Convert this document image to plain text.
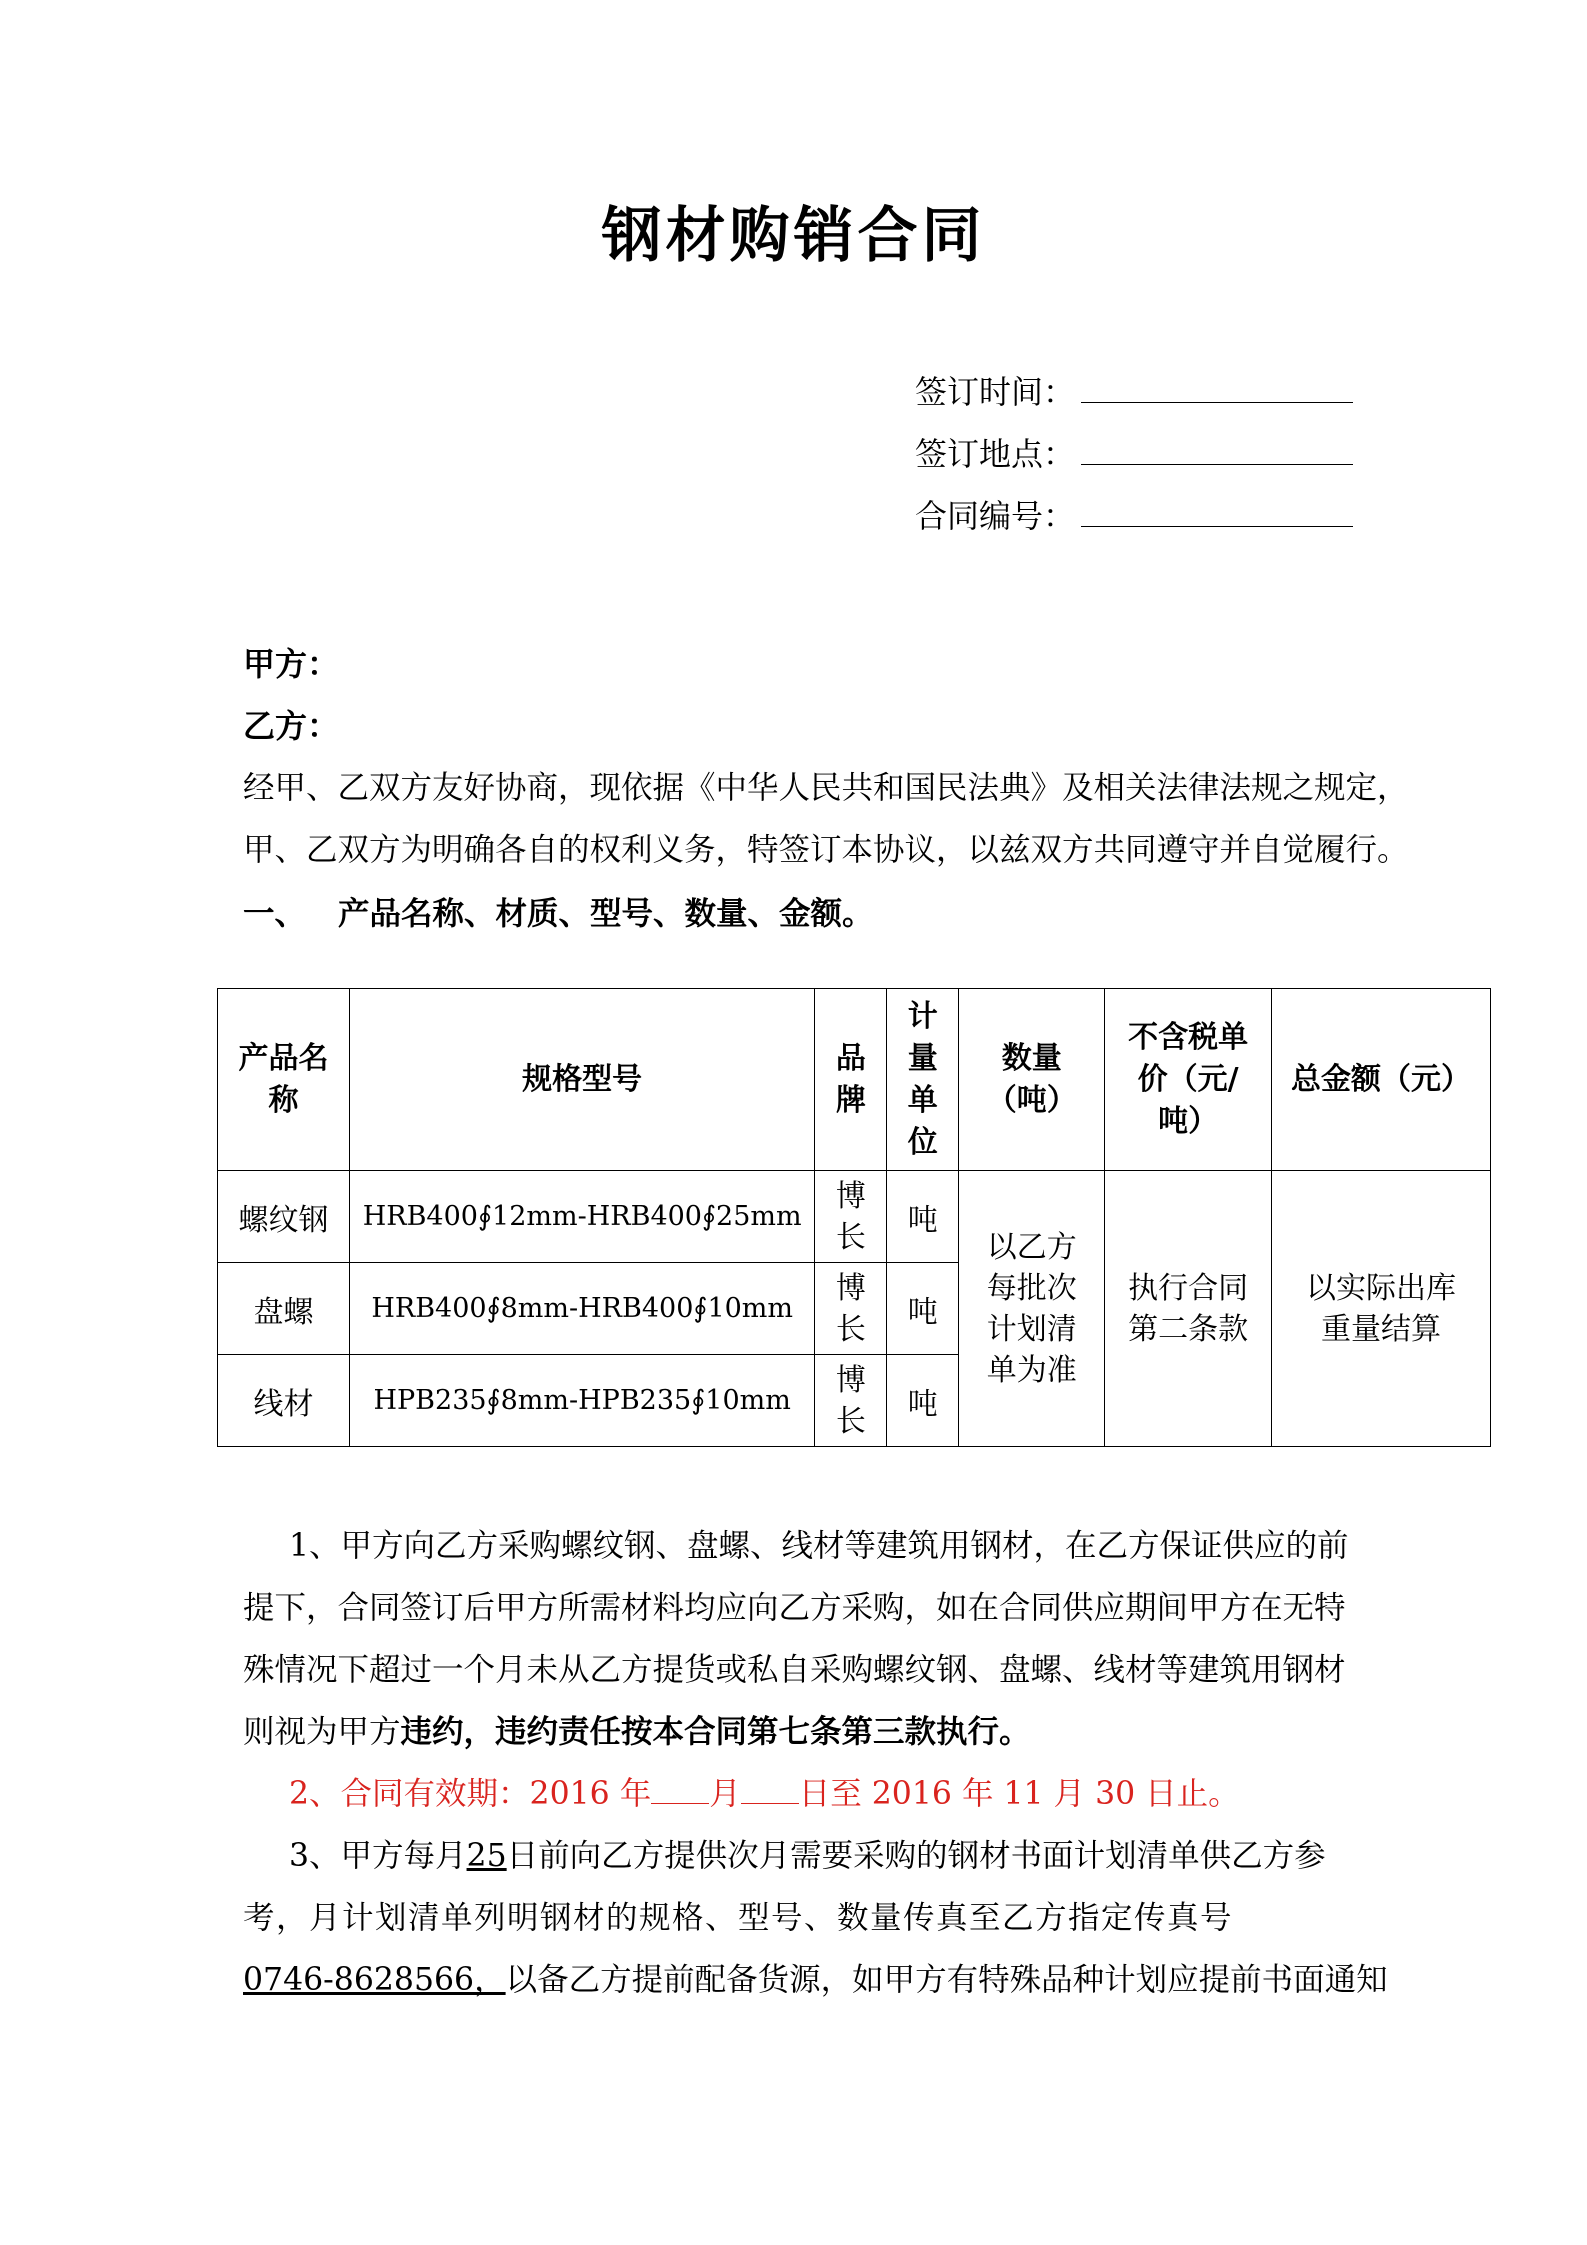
钢材购销合同
签订时间：
签订地点：
合同编号：
甲方：
乙方：
经甲、乙双方友好协商，现依据《中华人民共和国民法典》及相关法律法规之规定，
甲、乙双方为明确各自的权利义务，特签订本协议，以兹双方共同遵守并自觉履行。
一、 产品名称、材质、型号、数量、金额。
产品名称	规格型号	品牌	计量单位	数量（吨）	不含税单价（元/吨）	总金额（元）
螺纹钢	HRB400∮12mm-HRB400∮25mm	博长	吨	以乙方每批次计划清单为准	执行合同第二条款	以实际出库重量结算

盘螺	HRB400∮8mm-HRB400∮10mm	博长	吨			
线材	HPB235∮8mm-HPB235∮10mm	博长	吨			
1、甲方向乙方采购螺纹钢、盘螺、线材等建筑用钢材，在乙方保证供应的前
提下，合同签订后甲方所需材料均应向乙方采购，如在合同供应期间甲方在无特
殊情况下超过一个月未从乙方提货或私自采购螺纹钢、盘螺、线材等建筑用钢材
则视为甲方违约，违约责任按本合同第七条第三款执行。
2、合同有效期：2016 年 月 日至 2016 年 11 月 30 日止。
3、甲方每月25日前向乙方提供次月需要采购的钢材书面计划清单供乙方参
考，月计划清单列明钢材的规格、型号、数量传真至乙方指定传真号
0746-8628566，以备乙方提前配备货源，如甲方有特殊品种计划应提前书面通知
